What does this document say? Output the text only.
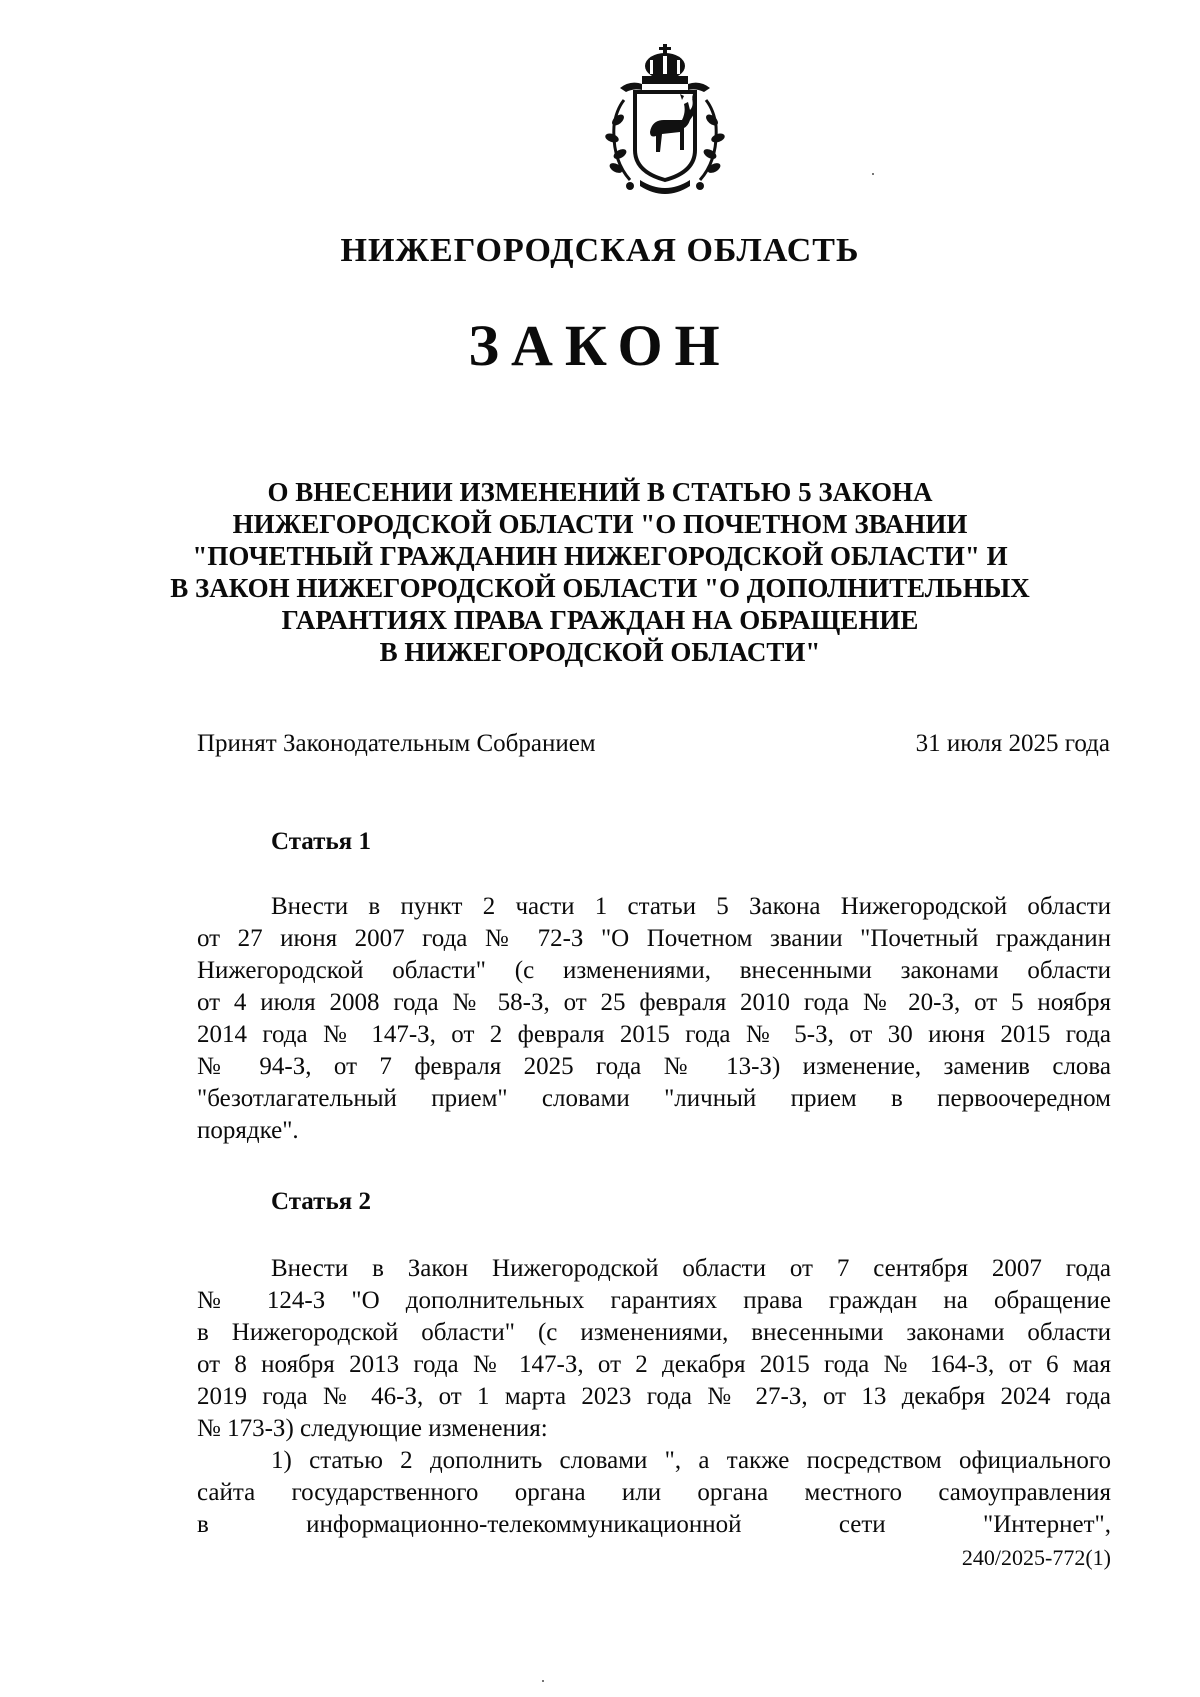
НИЖЕГОРОДСКАЯ ОБЛАСТЬ
ЗАКОН
О ВНЕСЕНИИ ИЗМЕНЕНИЙ В СТАТЬЮ 5 ЗАКОНА
НИЖЕГОРОДСКОЙ ОБЛАСТИ "О ПОЧЕТНОМ ЗВАНИИ
"ПОЧЕТНЫЙ ГРАЖДАНИН НИЖЕГОРОДСКОЙ ОБЛАСТИ" И
В ЗАКОН НИЖЕГОРОДСКОЙ ОБЛАСТИ "О ДОПОЛНИТЕЛЬНЫХ
ГАРАНТИЯХ ПРАВА ГРАЖДАН НА ОБРАЩЕНИЕ
В НИЖЕГОРОДСКОЙ ОБЛАСТИ"
Принят Законодательным Собранием	31 июля 2025 года
Статья 1
Внести в пункт 2 части 1 статьи 5 Закона Нижегородской области
от 27 июня 2007 года № 72-З "О Почетном звании "Почетный гражданин
Нижегородской области" (с изменениями, внесенными законами области
от 4 июля 2008 года № 58-З, от 25 февраля 2010 года № 20-З, от 5 ноября
2014 года № 147-З, от 2 февраля 2015 года № 5-З, от 30 июня 2015 года
№ 94-З, от 7 февраля 2025 года № 13-З) изменение, заменив слова
"безотлагательный прием" словами "личный прием в первоочередном
порядке".
Статья 2
Внести в Закон Нижегородской области от 7 сентября 2007 года
№ 124-З "О дополнительных гарантиях права граждан на обращение
в Нижегородской области" (с изменениями, внесенными законами области
от 8 ноября 2013 года № 147-З, от 2 декабря 2015 года № 164-З, от 6 мая
2019 года № 46-З, от 1 марта 2023 года № 27-З, от 13 декабря 2024 года
№ 173-З) следующие изменения:
1) статью 2 дополнить словами ", а также посредством официального
сайта государственного органа или органа местного самоуправления
в информационно-телекоммуникационной сети "Интернет",
240/2025-772(1)
